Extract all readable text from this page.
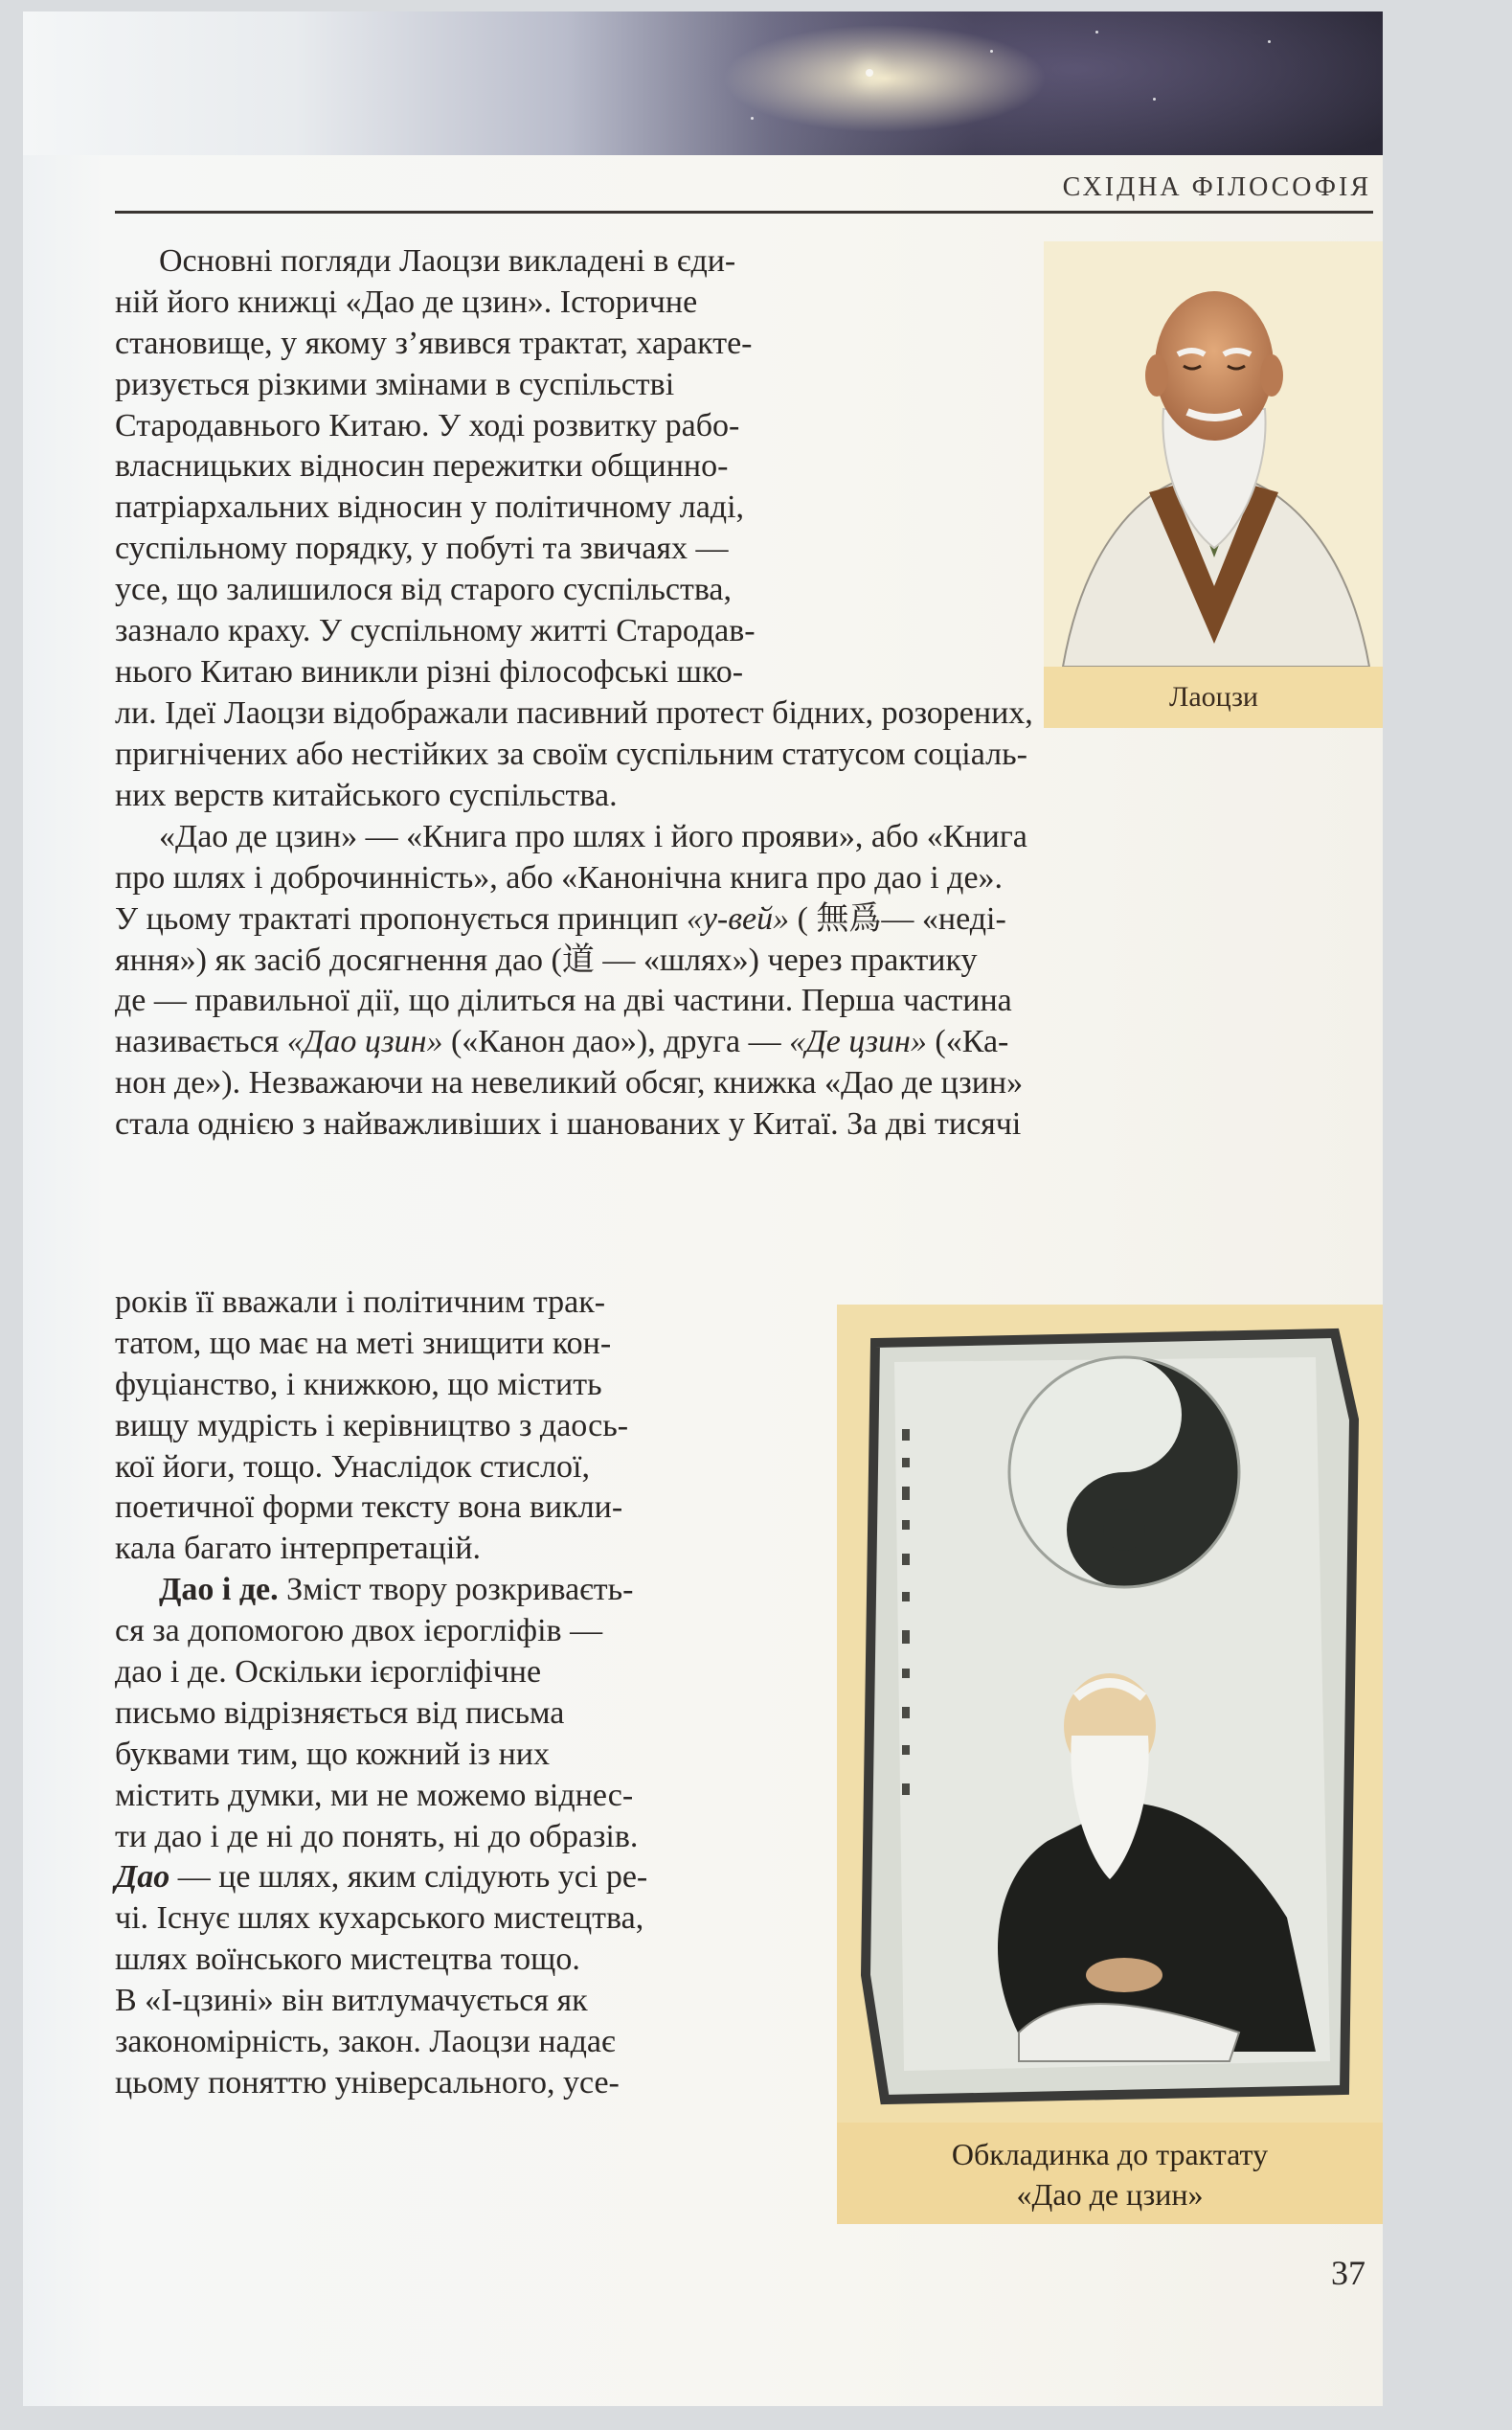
СХІДНА ФІЛОСОФІЯ
Основні погляди Лаоцзи викладені в єди-
ній його книжці «Дао де цзин». Історичне
становище, у якому з’явився трактат, характе-
ризується різкими змінами в суспільстві
Стародавнього Китаю. У ході розвитку рабо-
власницьких відносин пережитки общинно-
патріархальних відносин у політичному ладі,
суспільному порядку, у побуті та звичаях —
усе, що залишилося від старого суспільства,
зазнало краху. У суспільному житті Стародав-
нього Китаю виникли різні філософські шко-
ли. Ідеї Лаоцзи відображали пасивний протест бідних, розорених,
пригнічених або нестійких за своїм суспільним статусом соціаль-
них верств китайського суспільства.
«Дао де цзин» — «Книга про шлях і його прояви», або «Книга
про шлях і доброчинність», або «Канонічна книга про дао і де».
У цьому трактаті пропонується принцип «у-вей» ( 無爲— «неді-
яння») як засіб досягнення дао (道 — «шлях») через практику
де — правильної дії, що ділиться на дві частини. Перша частина
називається «Дао цзин» («Канон дао»), друга — «Де цзин» («Ка-
нон де»). Незважаючи на невеликий обсяг, книжка «Дао де цзин»
стала однією з найважливіших і шанованих у Китаї. За дві тисячі
років її вважали і політичним трак-
татом, що має на меті знищити кон-
фуціанство, і книжкою, що містить
вищу мудрість і керівництво з даось-
кої йоги, тощо. Унаслідок стислої,
поетичної форми тексту вона викли-
кала багато інтерпретацій.
Дао і де. Зміст твору розкриваєть-
ся за допомогою двох ієрогліфів —
дао і де. Оскільки ієрогліфічне
письмо відрізняється від письма
буквами тим, що кожний із них
містить думки, ми не можемо віднес-
ти дао і де ні до понять, ні до образів.
Дао — це шлях, яким слідують усі ре-
чі. Існує шлях кухарського мистецтва,
шлях воїнського мистецтва тощо.
В «І-цзині» він витлумачується як
закономірність, закон. Лаоцзи надає
цьому поняттю універсального, усе-
Лаоцзи
Обкладинка до трактату
«Дао де цзин»
37
